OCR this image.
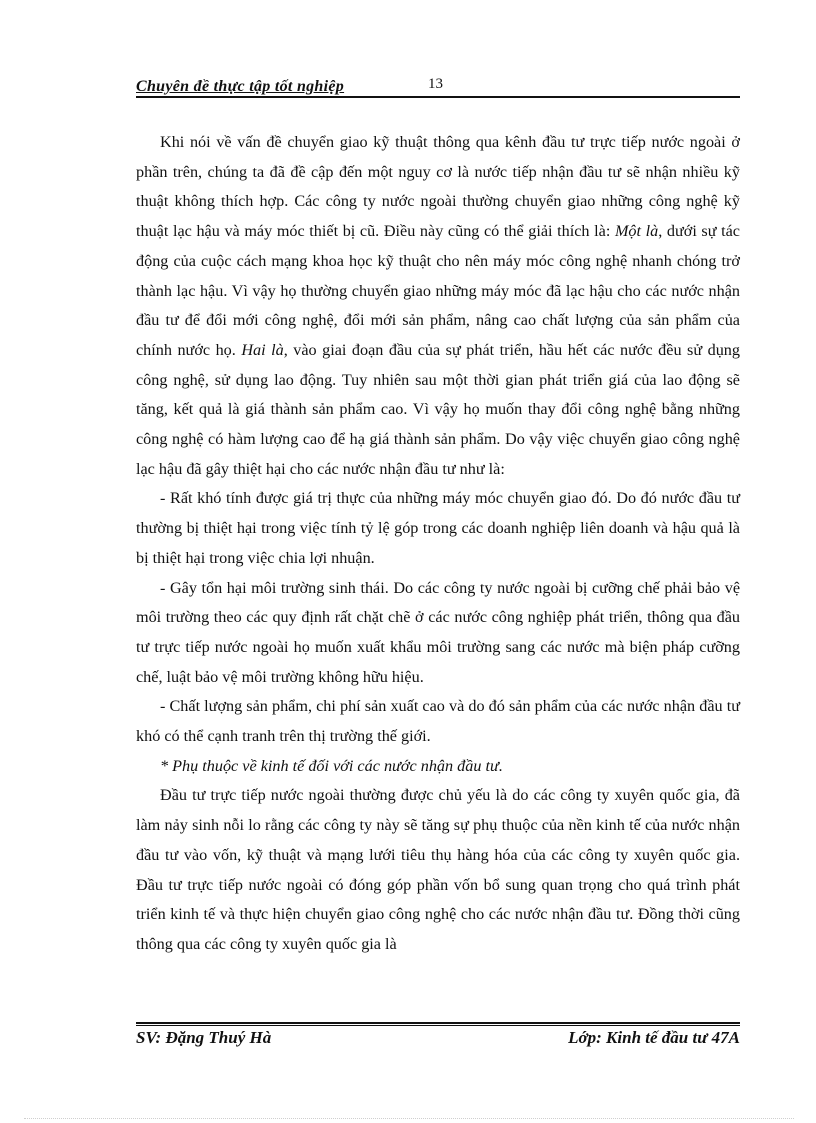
Chuyên đề thực tập tốt nghiệp	13

Khi nói về vấn đề chuyển giao kỹ thuật thông qua kênh đầu tư trực tiếp nước ngoài ở phần trên, chúng ta đã đề cập đến một nguy cơ là nước tiếp nhận đầu tư sẽ nhận nhiều kỹ thuật không thích hợp. Các công ty nước ngoài thường chuyển giao những công nghệ kỹ thuật lạc hậu và máy móc thiết bị cũ. Điều này cũng có thể giải thích là: Một là, dưới sự tác động của cuộc cách mạng khoa học kỹ thuật cho nên máy móc công nghệ nhanh chóng trở thành lạc hậu. Vì vậy họ thường chuyển giao những máy móc đã lạc hậu cho các nước nhận đầu tư để đổi mới công nghệ, đổi mới sản phẩm, nâng cao chất lượng của sản phẩm của chính nước họ. Hai là, vào giai đoạn đầu của sự phát triển, hầu hết các nước đều sử dụng công nghệ, sử dụng lao động. Tuy nhiên sau một thời gian phát triển giá của lao động sẽ tăng, kết quả là giá thành sản phẩm cao. Vì vậy họ muốn thay đổi công nghệ bằng những công nghệ có hàm lượng cao để hạ giá thành sản phẩm. Do vậy việc chuyển giao công nghệ lạc hậu đã gây thiệt hại cho các nước nhận đầu tư như là:

- Rất khó tính được giá trị thực của những máy móc chuyển giao đó. Do đó nước đầu tư thường bị thiệt hại trong việc tính tỷ lệ góp trong các doanh nghiệp liên doanh và hậu quả là bị thiệt hại trong việc chia lợi nhuận.

- Gây tổn hại môi trường sinh thái. Do các công ty nước ngoài bị cưỡng chế phải bảo vệ môi trường theo các quy định rất chặt chẽ ở các nước công nghiệp phát triển, thông qua đầu tư trực tiếp nước ngoài họ muốn xuất khẩu môi trường sang các nước mà biện pháp cưỡng chế, luật bảo vệ môi trường không hữu hiệu.

- Chất lượng sản phẩm, chi phí sản xuất cao và do đó sản phẩm của các nước nhận đầu tư khó có thể cạnh tranh trên thị trường thế giới.

* Phụ thuộc về kinh tế đối với các nước nhận đầu tư.

Đầu tư trực tiếp nước ngoài thường được chủ yếu là do các công ty xuyên quốc gia, đã làm nảy sinh nỗi lo rằng các công ty này sẽ tăng sự phụ thuộc của nền kinh tế của nước nhận đầu tư vào vốn, kỹ thuật và mạng lưới tiêu thụ hàng hóa của các công ty xuyên quốc gia. Đầu tư trực tiếp nước ngoài có đóng góp phần vốn bổ sung quan trọng cho quá trình phát triển kinh tế và thực hiện chuyển giao công nghệ cho các nước nhận đầu tư. Đồng thời cũng thông qua các công ty xuyên quốc gia là

SV: Đặng Thuý Hà	Lớp: Kinh tế đầu tư 47A
